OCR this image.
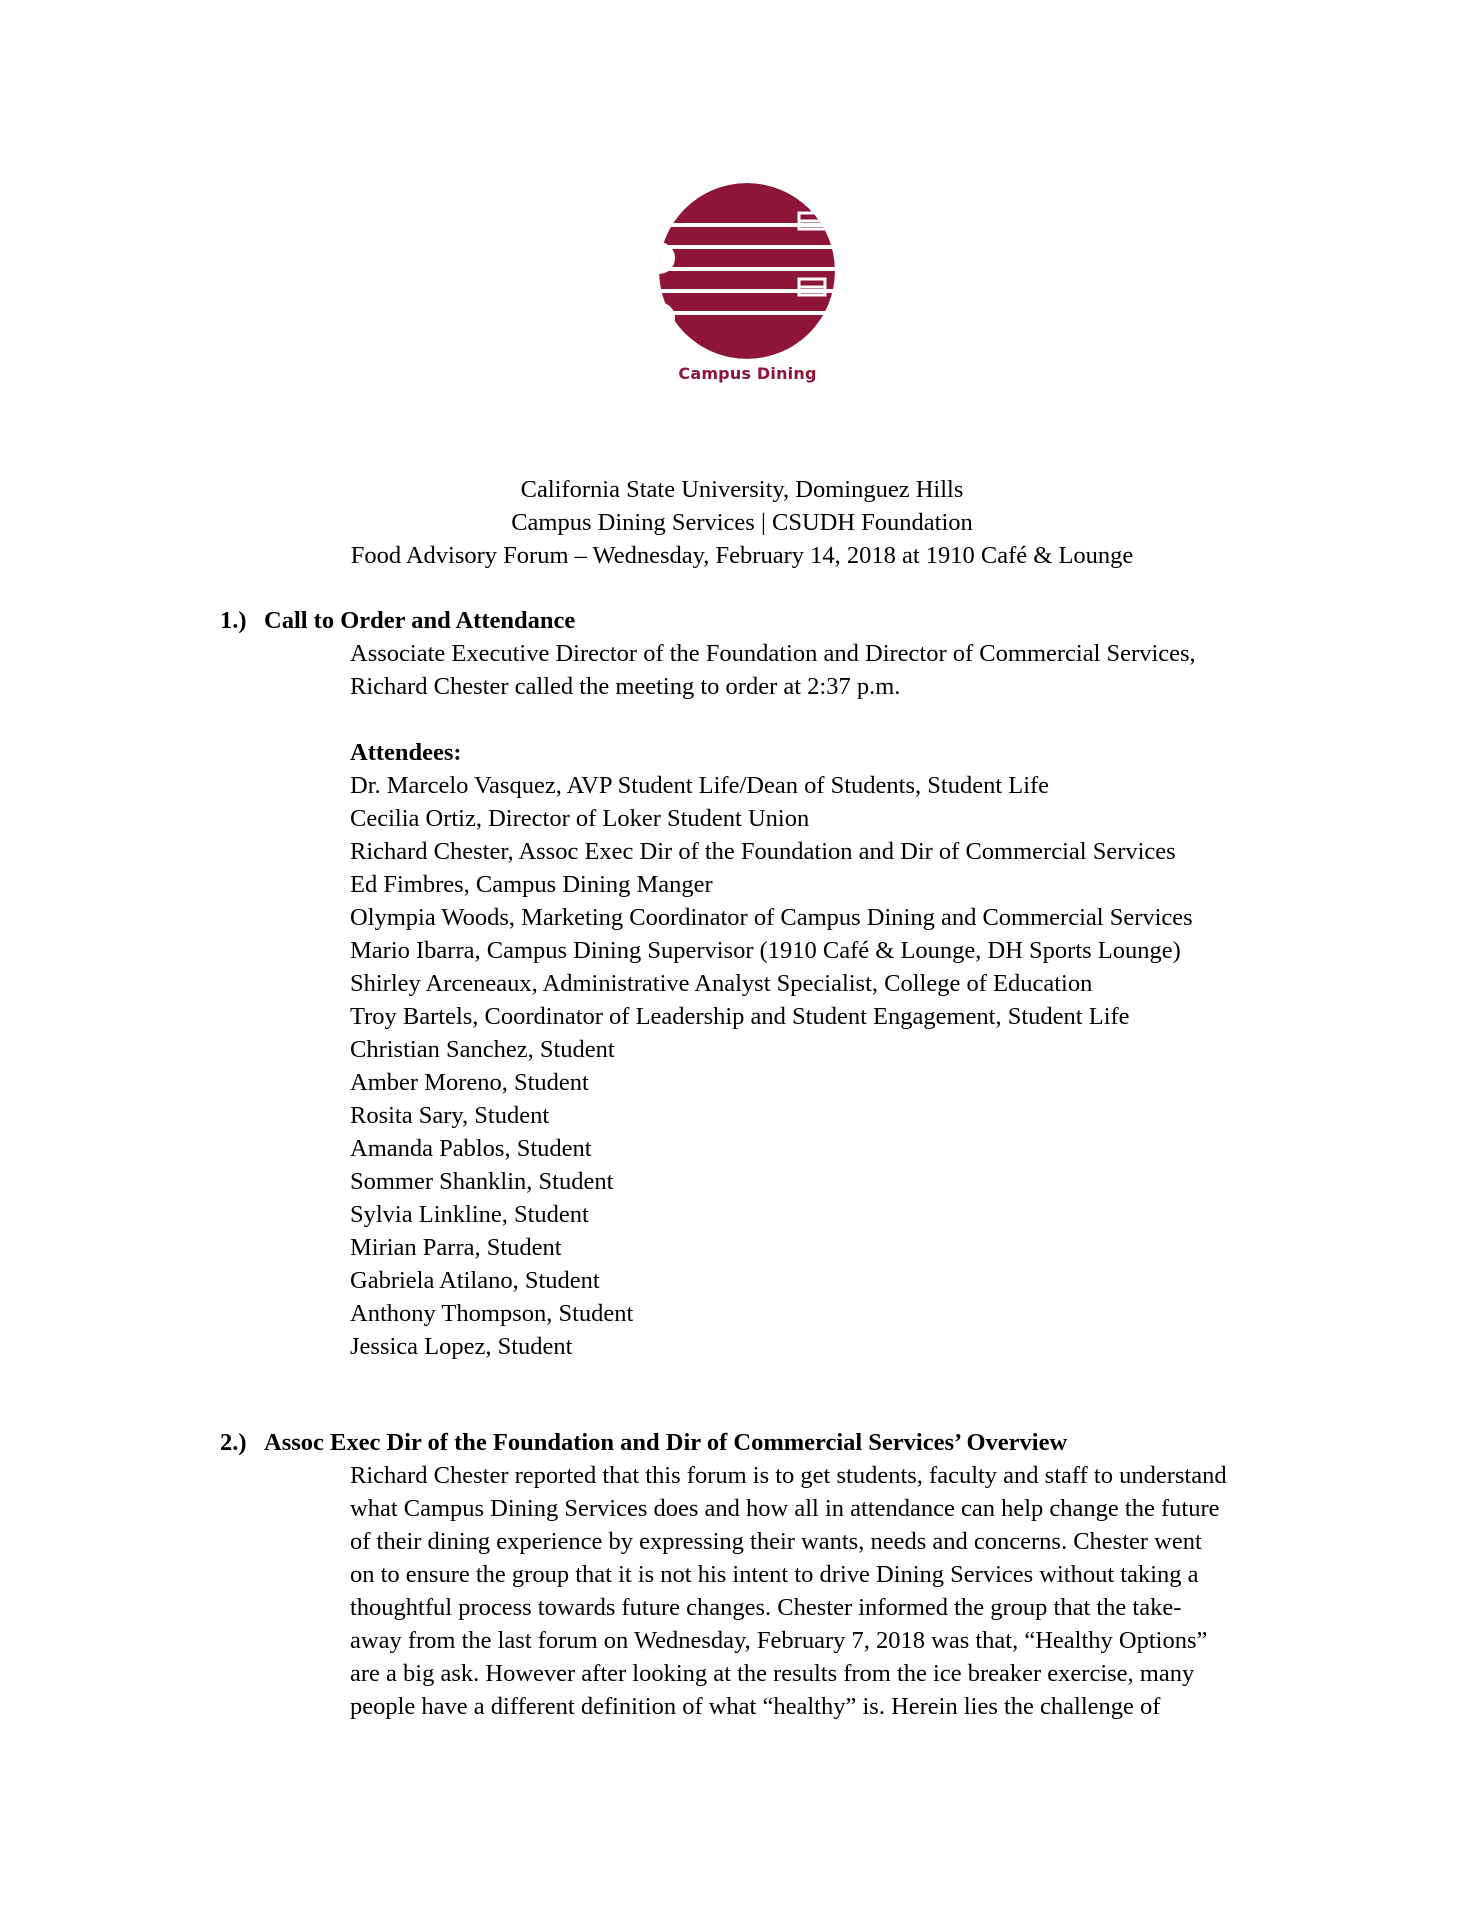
Campus Dining
California State University, Dominguez Hills
Campus Dining Services | CSUDH Foundation
Food Advisory Forum – Wednesday, February 14, 2018 at 1910 Café & Lounge
1.) Call to Order and Attendance

Associate Executive Director of the Foundation and Director of Commercial Services,

Richard Chester called the meeting to order at 2:37 p.m.

Attendees:

Dr. Marcelo Vasquez, AVP Student Life/Dean of Students, Student Life

Cecilia Ortiz, Director of Loker Student Union

Richard Chester, Assoc Exec Dir of the Foundation and Dir of Commercial Services

Ed Fimbres, Campus Dining Manger

Olympia Woods, Marketing Coordinator of Campus Dining and Commercial Services

Mario Ibarra, Campus Dining Supervisor (1910 Café & Lounge, DH Sports Lounge)

Shirley Arceneaux, Administrative Analyst Specialist, College of Education

Troy Bartels, Coordinator of Leadership and Student Engagement, Student Life

Christian Sanchez, Student

Amber Moreno, Student

Rosita Sary, Student

Amanda Pablos, Student

Sommer Shanklin, Student

Sylvia Linkline, Student

Mirian Parra, Student

Gabriela Atilano, Student

Anthony Thompson, Student

Jessica Lopez, Student

2.) Assoc Exec Dir of the Foundation and Dir of Commercial Services’ Overview

Richard Chester reported that this forum is to get students, faculty and staff to understand

what Campus Dining Services does and how all in attendance can help change the future

of their dining experience by expressing their wants, needs and concerns. Chester went

on to ensure the group that it is not his intent to drive Dining Services without taking a

thoughtful process towards future changes. Chester informed the group that the take-

away from the last forum on Wednesday, February 7, 2018 was that, “Healthy Options”

are a big ask. However after looking at the results from the ice breaker exercise, many

people have a different definition of what “healthy” is. Herein lies the challenge of
